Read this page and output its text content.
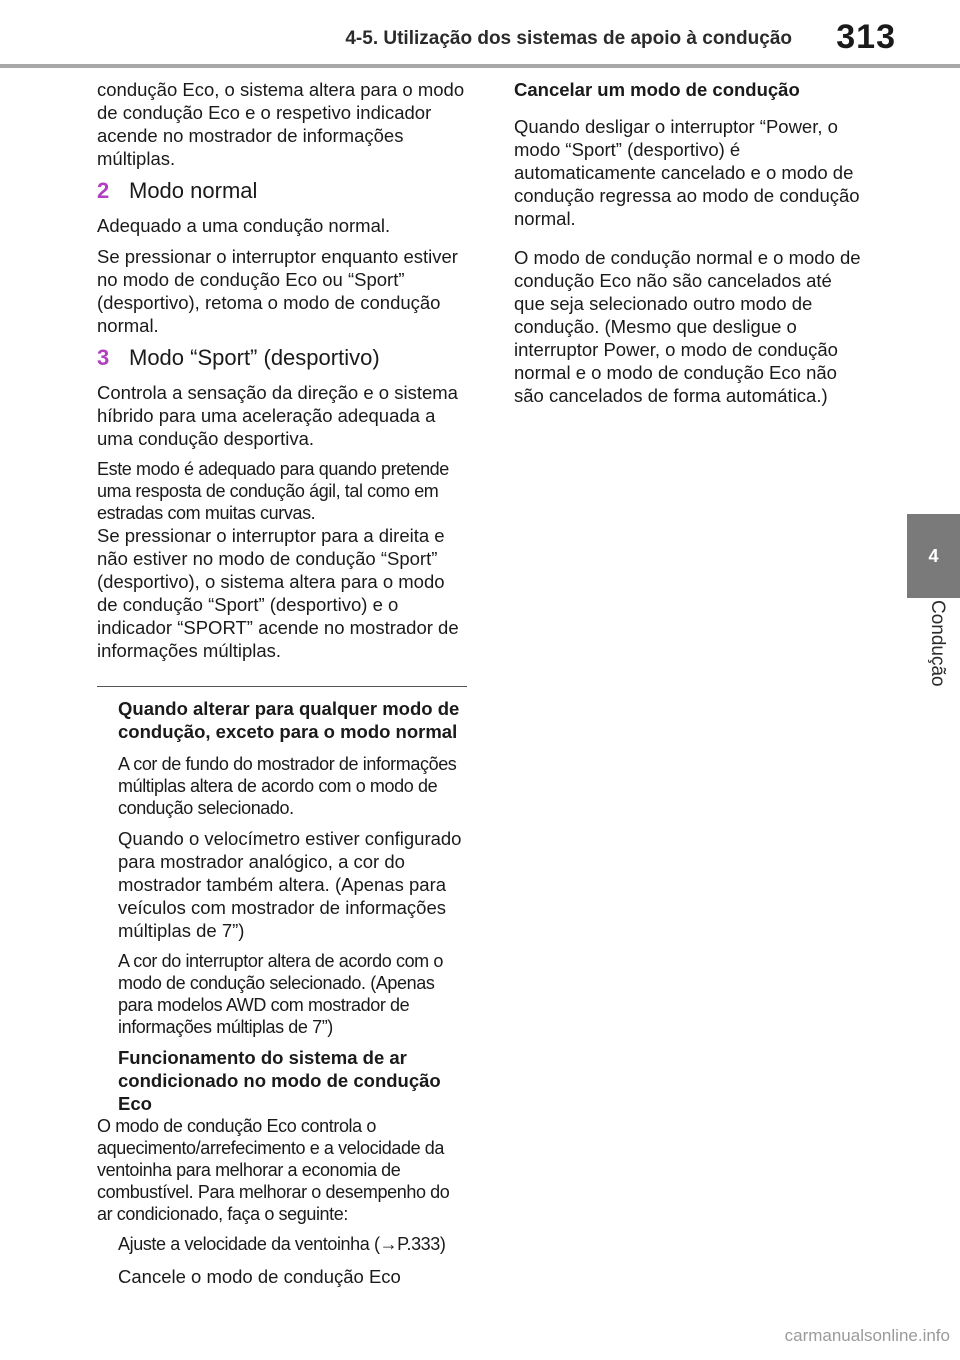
4-5. Utilização dos sistemas de apoio à condução	313
4
Condução

condução Eco, o sistema altera para o modo de condução Eco e o respetivo indicador acende no mostrador de informações múltiplas.

2 Modo normal

Adequado a uma condução normal.

Se pressionar o interruptor enquanto estiver no modo de condução Eco ou “Sport” (desportivo), retoma o modo de condução normal.

3 Modo “Sport” (desportivo)

Controla a sensação da direção e o sistema híbrido para uma aceleração adequada a uma condução desportiva.

Este modo é adequado para quando pretende uma resposta de condução ágil, tal como em estradas com muitas curvas.

Se pressionar o interruptor para a direita e não estiver no modo de condução “Sport” (desportivo), o sistema altera para o modo de condução “Sport” (desportivo) e o indicador “SPORT” acende no mostrador de informações múltiplas.

Quando alterar para qualquer modo de condução, exceto para o modo normal

A cor de fundo do mostrador de informações múltiplas altera de acordo com o modo de condução selecionado.

Quando o velocímetro estiver configurado para mostrador analógico, a cor do mostrador também altera. (Apenas para veículos com mostrador de informações múltiplas de 7”)

A cor do interruptor altera de acordo com o modo de condução selecionado. (Apenas para modelos AWD com mostrador de informações múltiplas de 7”)

Funcionamento do sistema de ar condicionado no modo de condução Eco

O modo de condução Eco controla o aquecimento/arrefecimento e a velocidade da ventoinha para melhorar a economia de combustível. Para melhorar o desempenho do ar condicionado, faça o seguinte:

Ajuste a velocidade da ventoinha (→P.333)

Cancele o modo de condução Eco

Cancelar um modo de condução

Quando desligar o interruptor “Power, o modo “Sport” (desportivo) é automaticamente cancelado e o modo de condução regressa ao modo de condução normal.

O modo de condução normal e o modo de condução Eco não são cancelados até que seja selecionado outro modo de condução. (Mesmo que desligue o interruptor Power, o modo de condução normal e o modo de condução Eco não são cancelados de forma automática.)

carmanualsonline.info
